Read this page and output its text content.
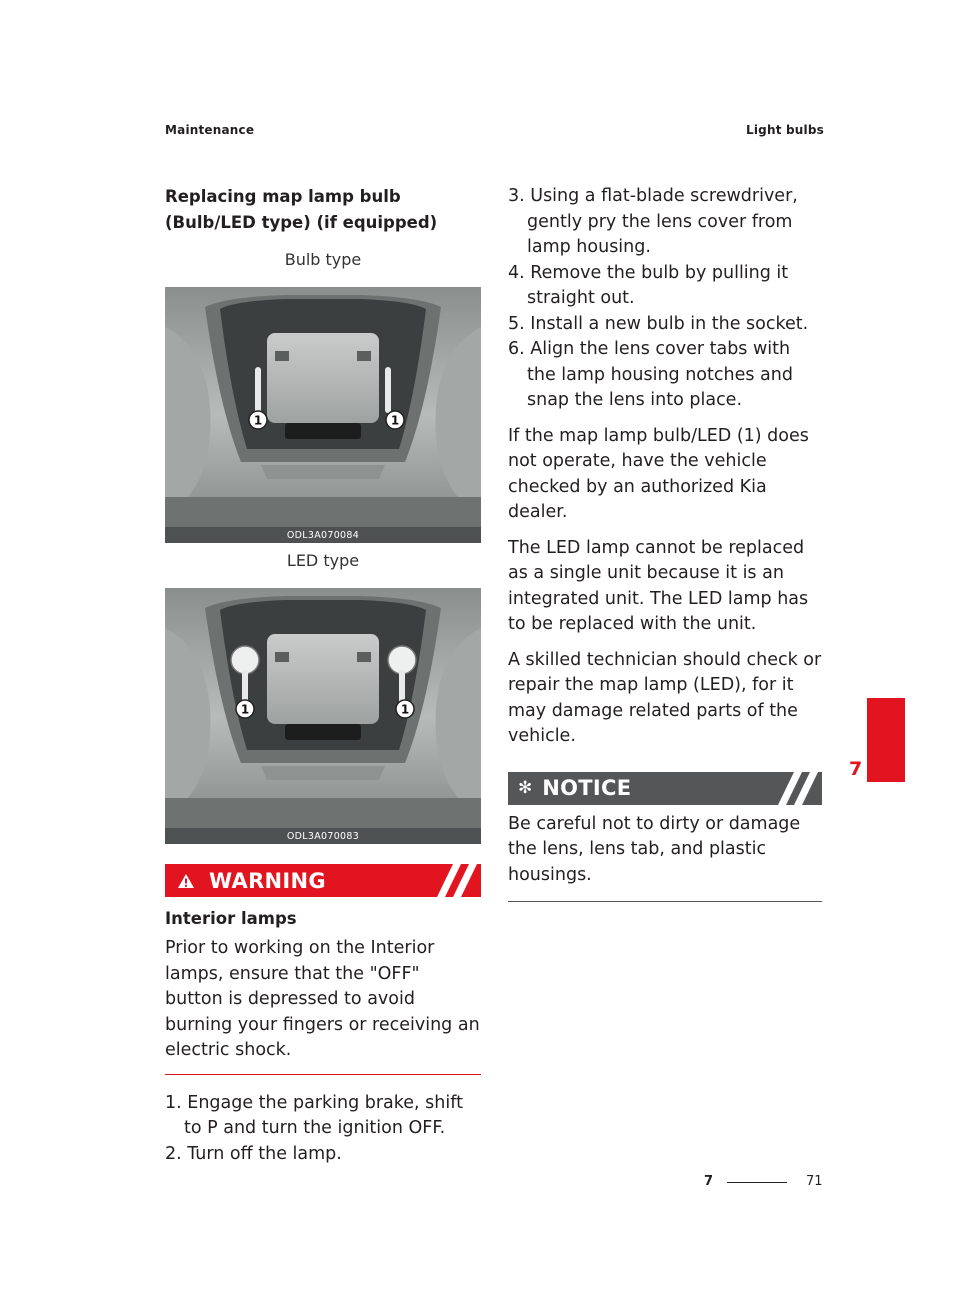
Maintenance	Light bulbs
Replacing map lamp bulb (Bulb/LED type) (if equipped)
Bulb type
1	1
ODL3A070084
LED type
1	1
ODL3A070083
WARNING
Interior lamps
Prior to working on the Interior lamps, ensure that the "OFF" button is depressed to avoid burning your fingers or receiving an electric shock.
1. Engage the parking brake, shift to P and turn the ignition OFF.
2. Turn off the lamp.
3. Using a flat-blade screwdriver, gently pry the lens cover from lamp housing.
4. Remove the bulb by pulling it straight out.
5. Install a new bulb in the socket.
6. Align the lens cover tabs with the lamp housing notches and snap the lens into place.

If the map lamp bulb/LED (1) does not operate, have the vehicle checked by an authorized Kia dealer.

The LED lamp cannot be replaced as a single unit because it is an integrated unit. The LED lamp has to be replaced with the unit.

A skilled technician should check or repair the map lamp (LED), for it may damage related parts of the vehicle.

✻ NOTICE
Be careful not to dirty or damage the lens, lens tab, and plastic housings.
7
7	71
